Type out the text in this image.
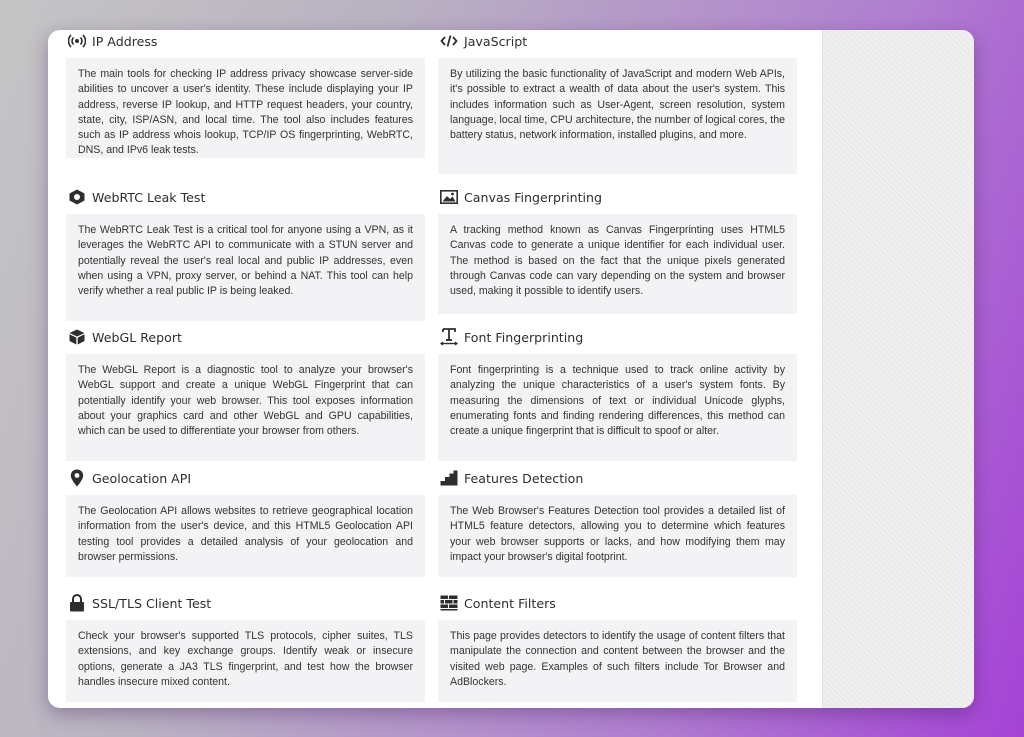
IP Address
The main tools for checking IP address privacy showcase server-side abilities to uncover a user's identity. These include displaying your IP address, reverse IP lookup, and HTTP request headers, your country, state, city, ISP/ASN, and local time. The tool also includes features such as IP address whois lookup, TCP/IP OS fingerprinting, WebRTC, DNS, and IPv6 leak tests.
JavaScript
By utilizing the basic functionality of JavaScript and modern Web APIs, it's possible to extract a wealth of data about the user's system. This includes information such as User-Agent, screen resolution, system language, local time, CPU architecture, the number of logical cores, the battery status, network information, installed plugins, and more.
WebRTC Leak Test
The WebRTC Leak Test is a critical tool for anyone using a VPN, as it leverages the WebRTC API to communicate with a STUN server and potentially reveal the user's real local and public IP addresses, even when using a VPN, proxy server, or behind a NAT. This tool can help verify whether a real public IP is being leaked.
Canvas Fingerprinting
A tracking method known as Canvas Fingerprinting uses HTML5 Canvas code to generate a unique identifier for each individual user. The method is based on the fact that the unique pixels generated through Canvas code can vary depending on the system and browser used, making it possible to identify users.
WebGL Report
The WebGL Report is a diagnostic tool to analyze your browser's WebGL support and create a unique WebGL Fingerprint that can potentially identify your web browser. This tool exposes information about your graphics card and other WebGL and GPU capabilities, which can be used to differentiate your browser from others.
Font Fingerprinting
Font fingerprinting is a technique used to track online activity by analyzing the unique characteristics of a user's system fonts. By measuring the dimensions of text or individual Unicode glyphs, enumerating fonts and finding rendering differences, this method can create a unique fingerprint that is difficult to spoof or alter.
Geolocation API
The Geolocation API allows websites to retrieve geographical location information from the user's device, and this HTML5 Geolocation API testing tool provides a detailed analysis of your geolocation and browser permissions.
Features Detection
The Web Browser's Features Detection tool provides a detailed list of HTML5 feature detectors, allowing you to determine which features your web browser supports or lacks, and how modifying them may impact your browser's digital footprint.
SSL/TLS Client Test
Check your browser's supported TLS protocols, cipher suites, TLS extensions, and key exchange groups. Identify weak or insecure options, generate a JA3 TLS fingerprint, and test how the browser handles insecure mixed content.
Content Filters
This page provides detectors to identify the usage of content filters that manipulate the connection and content between the browser and the visited web page. Examples of such filters include Tor Browser and AdBlockers.
